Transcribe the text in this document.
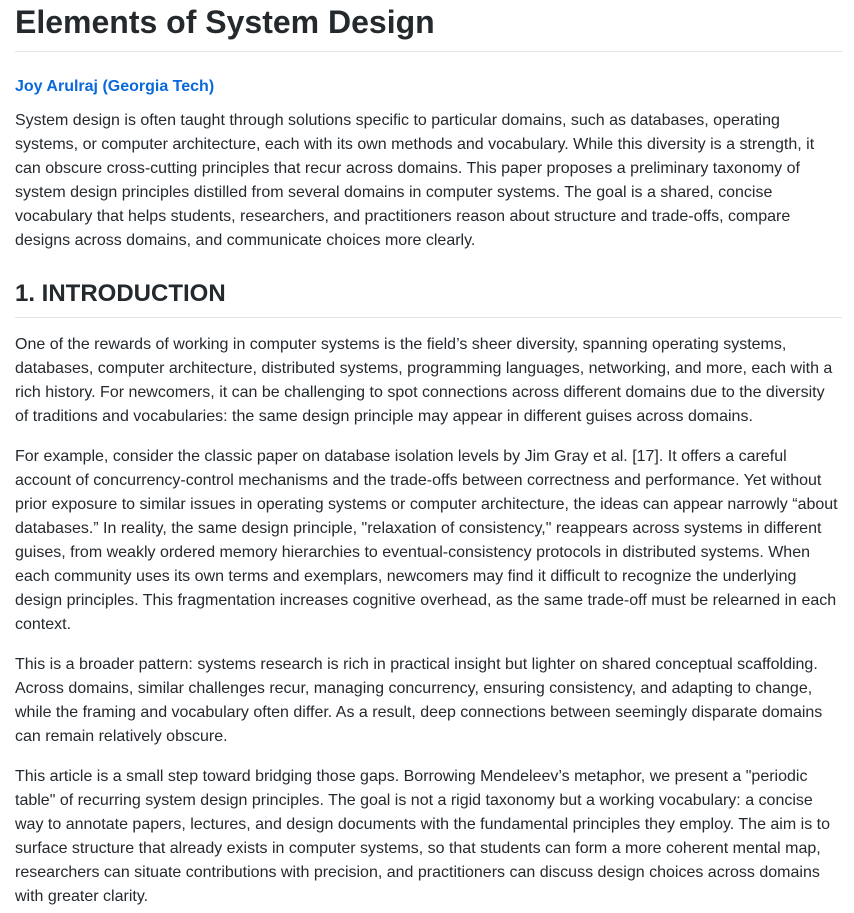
Elements of System Design
Joy Arulraj (Georgia Tech)

System design is often taught through solutions specific to particular domains, such as databases, operating systems, or computer architecture, each with its own methods and vocabulary. While this diversity is a strength, it can obscure cross-cutting principles that recur across domains. This paper proposes a preliminary taxonomy of system design principles distilled from several domains in computer systems. The goal is a shared, concise vocabulary that helps students, researchers, and practitioners reason about structure and trade-offs, compare designs across domains, and communicate choices more clearly.

1. INTRODUCTION

One of the rewards of working in computer systems is the field’s sheer diversity, spanning operating systems, databases, computer architecture, distributed systems, programming languages, networking, and more, each with a rich history. For newcomers, it can be challenging to spot connections across different domains due to the diversity of traditions and vocabularies: the same design principle may appear in different guises across domains.

For example, consider the classic paper on database isolation levels by Jim Gray et al. [17]. It offers a careful account of concurrency-control mechanisms and the trade-offs between correctness and performance. Yet without prior exposure to similar issues in operating systems or computer architecture, the ideas can appear narrowly “about databases.” In reality, the same design principle, "relaxation of consistency," reappears across systems in different guises, from weakly ordered memory hierarchies to eventual-consistency protocols in distributed systems. When each community uses its own terms and exemplars, newcomers may find it difficult to recognize the underlying design principles. This fragmentation increases cognitive overhead, as the same trade-off must be relearned in each context.

This is a broader pattern: systems research is rich in practical insight but lighter on shared conceptual scaffolding. Across domains, similar challenges recur, managing concurrency, ensuring consistency, and adapting to change, while the framing and vocabulary often differ. As a result, deep connections between seemingly disparate domains can remain relatively obscure.

This article is a small step toward bridging those gaps. Borrowing Mendeleev’s metaphor, we present a "periodic table" of recurring system design principles. The goal is not a rigid taxonomy but a working vocabulary: a concise way to annotate papers, lectures, and design documents with the fundamental principles they employ. The aim is to surface structure that already exists in computer systems, so that students can form a more coherent mental map, researchers can situate contributions with precision, and practitioners can discuss design choices across domains with greater clarity.
